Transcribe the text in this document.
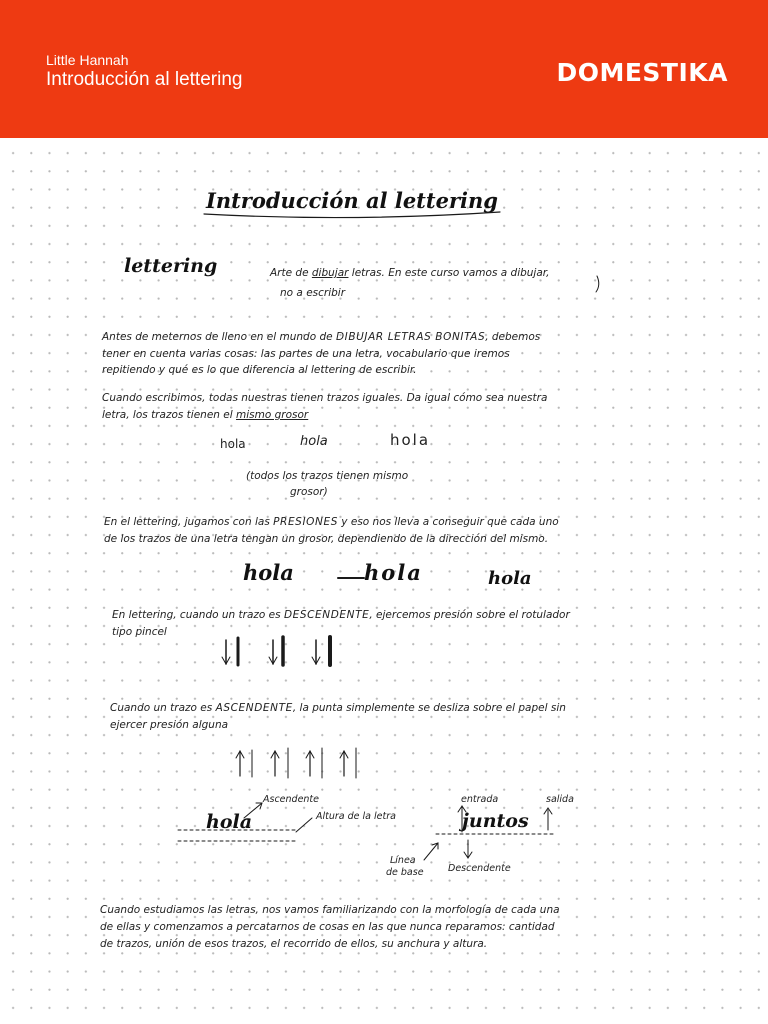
Little Hannah
Introducción al lettering	DOMESTIKA
Introducción al lettering
lettering	Arte de dibujar letras. En este curso vamos a dibujar,
no a escribir
Antes de meternos de lleno en el mundo de DIBUJAR LETRAS BONITAS, debemos
tener en cuenta varias cosas: las partes de una letra, vocabulario que iremos
repitiendo y qué es lo que diferencia al lettering de escribir.
Cuando escribimos, todas nuestras tienen trazos iguales. Da igual cómo sea nuestra
letra, los trazos tienen el mismo grosor
hola	hola	hola
(todos los trazos tienen mismo
grosor)
En el lettering, jugamos con las PRESIONES y eso nos lleva a conseguir que cada uno
de los trazos de una letra tengan un grosor, dependiendo de la dirección del mismo.
hola	hola	hola
En lettering, cuando un trazo es DESCENDENTE, ejercemos presión sobre el rotulador
tipo pincel
Cuando un trazo es ASCENDENTE, la punta simplemente se desliza sobre el papel sin
ejercer presión alguna
hola	juntos
Ascendente
Altura de la letra
entrada	salida
Línea
de base	Descendente
Cuando estudiamos las letras, nos vamos familiarizando con la morfología de cada una
de ellas y comenzamos a percatarnos de cosas en las que nunca reparamos: cantidad
de trazos, unión de esos trazos, el recorrido de ellos, su anchura y altura.
